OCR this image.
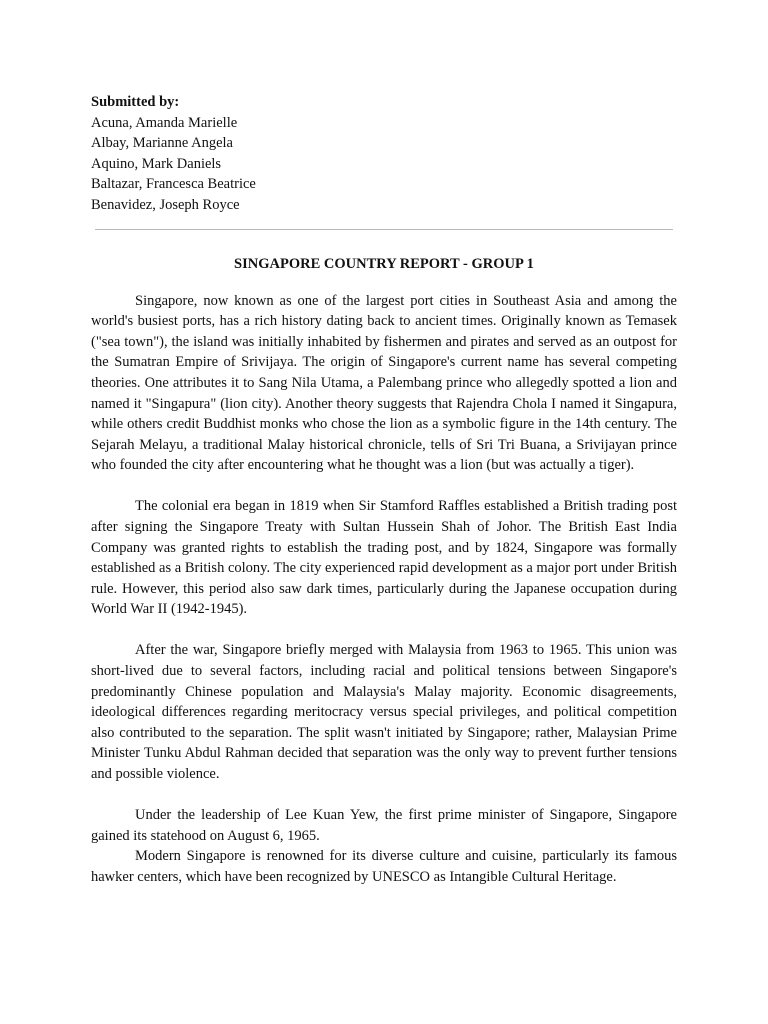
Submitted by:
Acuna, Amanda Marielle
Albay, Marianne Angela
Aquino, Mark Daniels
Baltazar, Francesca Beatrice
Benavidez, Joseph Royce
SINGAPORE COUNTRY REPORT - GROUP 1

Singapore, now known as one of the largest port cities in Southeast Asia and among the world's busiest ports, has a rich history dating back to ancient times. Originally known as Temasek ("sea town"), the island was initially inhabited by fishermen and pirates and served as an outpost for the Sumatran Empire of Srivijaya. The origin of Singapore's current name has several competing theories. One attributes it to Sang Nila Utama, a Palembang prince who allegedly spotted a lion and named it "Singapura" (lion city). Another theory suggests that Rajendra Chola I named it Singapura, while others credit Buddhist monks who chose the lion as a symbolic figure in the 14th century. The Sejarah Melayu, a traditional Malay historical chronicle, tells of Sri Tri Buana, a Srivijayan prince who founded the city after encountering what he thought was a lion (but was actually a tiger).

The colonial era began in 1819 when Sir Stamford Raffles established a British trading post after signing the Singapore Treaty with Sultan Hussein Shah of Johor. The British East India Company was granted rights to establish the trading post, and by 1824, Singapore was formally established as a British colony. The city experienced rapid development as a major port under British rule. However, this period also saw dark times, particularly during the Japanese occupation during World War II (1942-1945).

After the war, Singapore briefly merged with Malaysia from 1963 to 1965. This union was short-lived due to several factors, including racial and political tensions between Singapore's predominantly Chinese population and Malaysia's Malay majority. Economic disagreements, ideological differences regarding meritocracy versus special privileges, and political competition also contributed to the separation. The split wasn't initiated by Singapore; rather, Malaysian Prime Minister Tunku Abdul Rahman decided that separation was the only way to prevent further tensions and possible violence.

Under the leadership of Lee Kuan Yew, the first prime minister of Singapore, Singapore gained its statehood on August 6, 1965.

Modern Singapore is renowned for its diverse culture and cuisine, particularly its famous hawker centers, which have been recognized by UNESCO as Intangible Cultural Heritage.
